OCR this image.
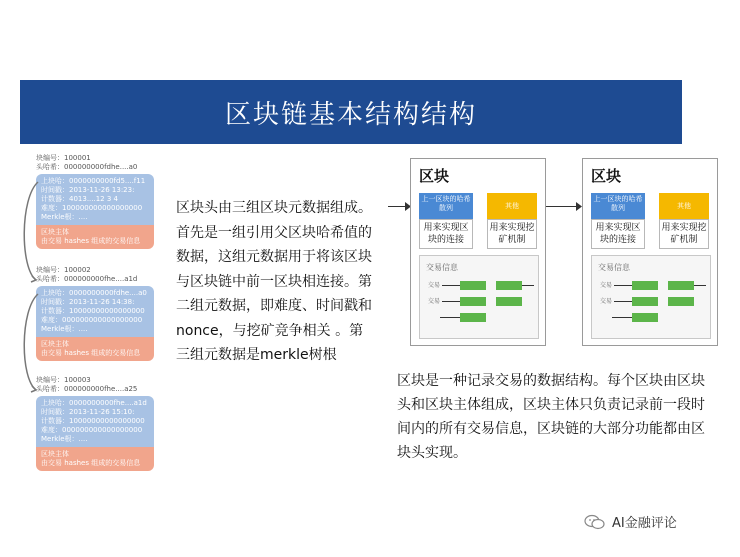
区块链基本结构结构
块编号：100001
头哈希：000000000fdhe....a0
上块哈：0000000000fd5....f11
时间戳：2013-11-26 13:23:
计数器：4013....12 3 4
难度：100000000000000000
Merkle根：....
区块主体
由交易 hashes 组成的交易信息
块编号：100002
头哈希：000000000fhe....a1d
上块哈：0000000000fdhe....a0
时间戳：2013-11-26 14:38:
计数器：10000000000000000
难度：000000000000000000
Merkle根：....
区块主体
由交易 hashes 组成的交易信息
块编号：100003
头哈希：000000000fhe....a25
上块哈：0000000000fhe....a1d
时间戳：2013-11-26 15:10:
计数器：10000000000000000
难度：000000000000000000
Merkle根：....
区块主体
由交易 hashes 组成的交易信息
区块头由三组区块元数据组成。首先是一组引用父区块哈希值的数据，这组元数据用于将该区块与区块链中前一区块相连接。第二组元数据，即难度、时间戳和nonce，与挖矿竞争相关 。第三组元数据是merkle树根
区块
上一区块的哈希散列	其他
用来实现区块的连接
用来实现挖矿机制
交易信息
交易
交易
区块
上一区块的哈希散列	其他
用来实现区块的连接
用来实现挖矿机制
交易信息
交易
交易
区块是一种记录交易的数据结构。每个区块由区块头和区块主体组成，区块主体只负责记录前一段时间内的所有交易信息，区块链的大部分功能都由区块头实现。
AI金融评论
